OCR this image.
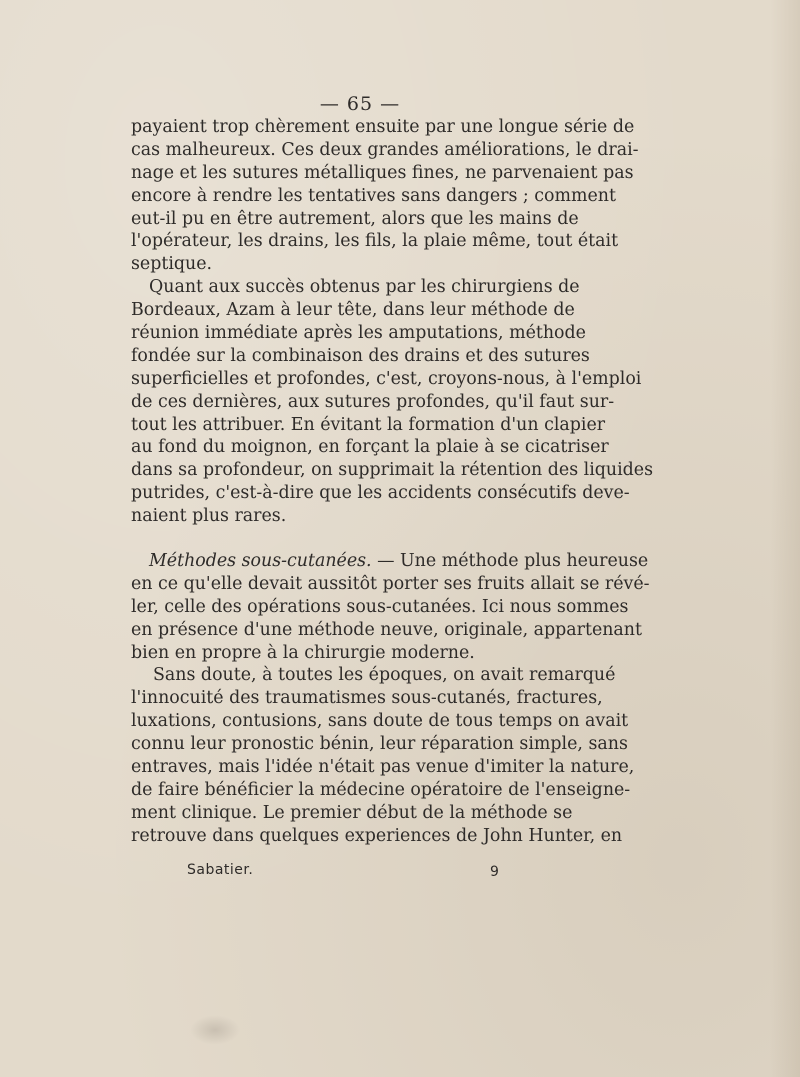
— 65 —
payaient trop chèrement ensuite par une longue série de
cas malheureux. Ces deux grandes améliorations, le drai-
nage et les sutures métalliques fines, ne parvenaient pas
encore à rendre les tentatives sans dangers ; comment
eut-il pu en être autrement, alors que les mains de
l'opérateur, les drains, les fils, la plaie même, tout était
septique.
Quant aux succès obtenus par les chirurgiens de
Bordeaux, Azam à leur tête, dans leur méthode de
réunion immédiate après les amputations, méthode
fondée sur la combinaison des drains et des sutures
superficielles et profondes, c'est, croyons-nous, à l'emploi
de ces dernières, aux sutures profondes, qu'il faut sur-
tout les attribuer. En évitant la formation d'un clapier
au fond du moignon, en forçant la plaie à se cicatriser
dans sa profondeur, on supprimait la rétention des liquides
putrides, c'est-à-dire que les accidents consécutifs deve-
naient plus rares.
Méthodes sous-cutanées. — Une méthode plus heureuse
en ce qu'elle devait aussitôt porter ses fruits allait se révé-
ler, celle des opérations sous-cutanées. Ici nous sommes
en présence d'une méthode neuve, originale, appartenant
bien en propre à la chirurgie moderne.
Sans doute, à toutes les époques, on avait remarqué
l'innocuité des traumatismes sous-cutanés, fractures,
luxations, contusions, sans doute de tous temps on avait
connu leur pronostic bénin, leur réparation simple, sans
entraves, mais l'idée n'était pas venue d'imiter la nature,
de faire bénéficier la médecine opératoire de l'enseigne-
ment clinique. Le premier début de la méthode se
retrouve dans quelques experiences de John Hunter, en
Sabatier.	9
